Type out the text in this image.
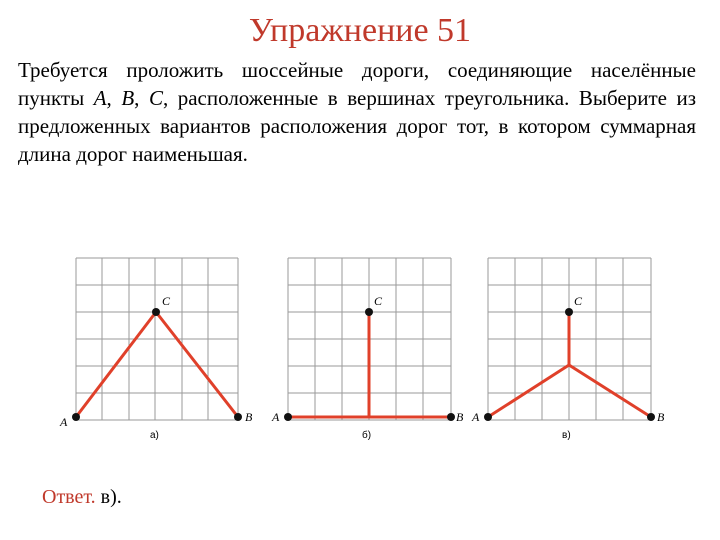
Упражнение 51
Требуется проложить шоссейные дороги, соединяющие населённые пункты A, B, C, расположенные в вершинах треугольника. Выберите из предложенных вариантов расположения дорог тот, в котором суммарная длина дорог наименьшая.
A	B
C
а)
A	B
C
б)
A	B
C
в)
Ответ. в).
